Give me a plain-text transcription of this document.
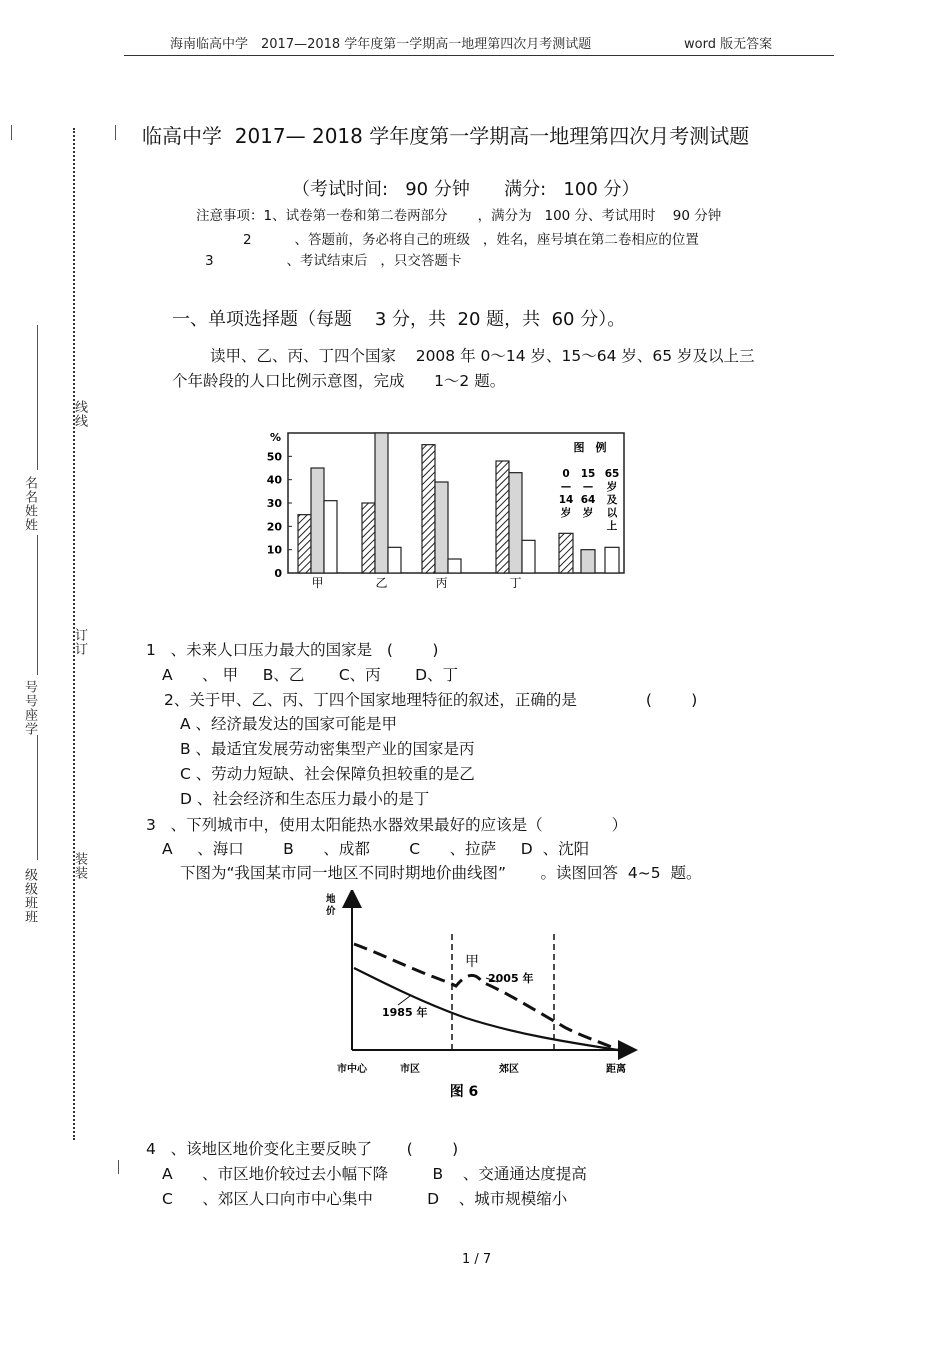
海南临高中学　2017—2018 学年度第一学期高一地理第四次月考测试题	word 版无答案
线线
订订
装装
名名姓姓
号号座学
级级班班
临高中学  2017— 2018 学年度第一学期高一地理第四次月考测试题
（考试时间:   90 分钟      满分:   100 分）
注意事项：1、试卷第一卷和第二卷两部分       ，满分为   100 分、考试用时    90 分钟
2          、答题前，务必将自己的班级   ，姓名，座号填在第二卷相应的位置
3                 、考试结束后   ，只交答题卡
一、单项选择题（每题    3 分，共  20 题，共  60 分）。
读甲、乙、丙、丁四个国家    2008 年 0～14 岁、15～64 岁、65 岁及以上三
个年龄段的人口比例示意图，完成      1～2 题。
%
0
10
20
30
40
50
甲	乙	丙	丁
图　例
0
—
14
岁
15
—
64
岁
65
岁
及
以
上
1   、未来人口压力最大的国家是   (        )
A      、 甲     B、乙       C、丙       D、丁
2、关于甲、乙、丙、丁四个国家地理特征的叙述，正确的是              (        )
A 、经济最发达的国家可能是甲
B 、最适宜发展劳动密集型产业的国家是丙
C 、劳动力短缺、社会保障负担较重的是乙
D 、社会经济和生态压力最小的是丁
3   、下列城市中，使用太阳能热水器效果最好的应该是（              ）
A     、海口        B      、成都        C      、拉萨     D  、沈阳
下图为“我国某市同一地区不同时期地价曲线图”       。读图回答  4~5  题。
地
价
甲
2005 年
1985 年
市中心	市区	郊区	距离
图 6
4   、该地区地价变化主要反映了       (        )
A      、市区地价较过去小幅下降         B    、交通通达度提高
C      、郊区人口向市中心集中           D    、城市规模缩小
1 / 7
